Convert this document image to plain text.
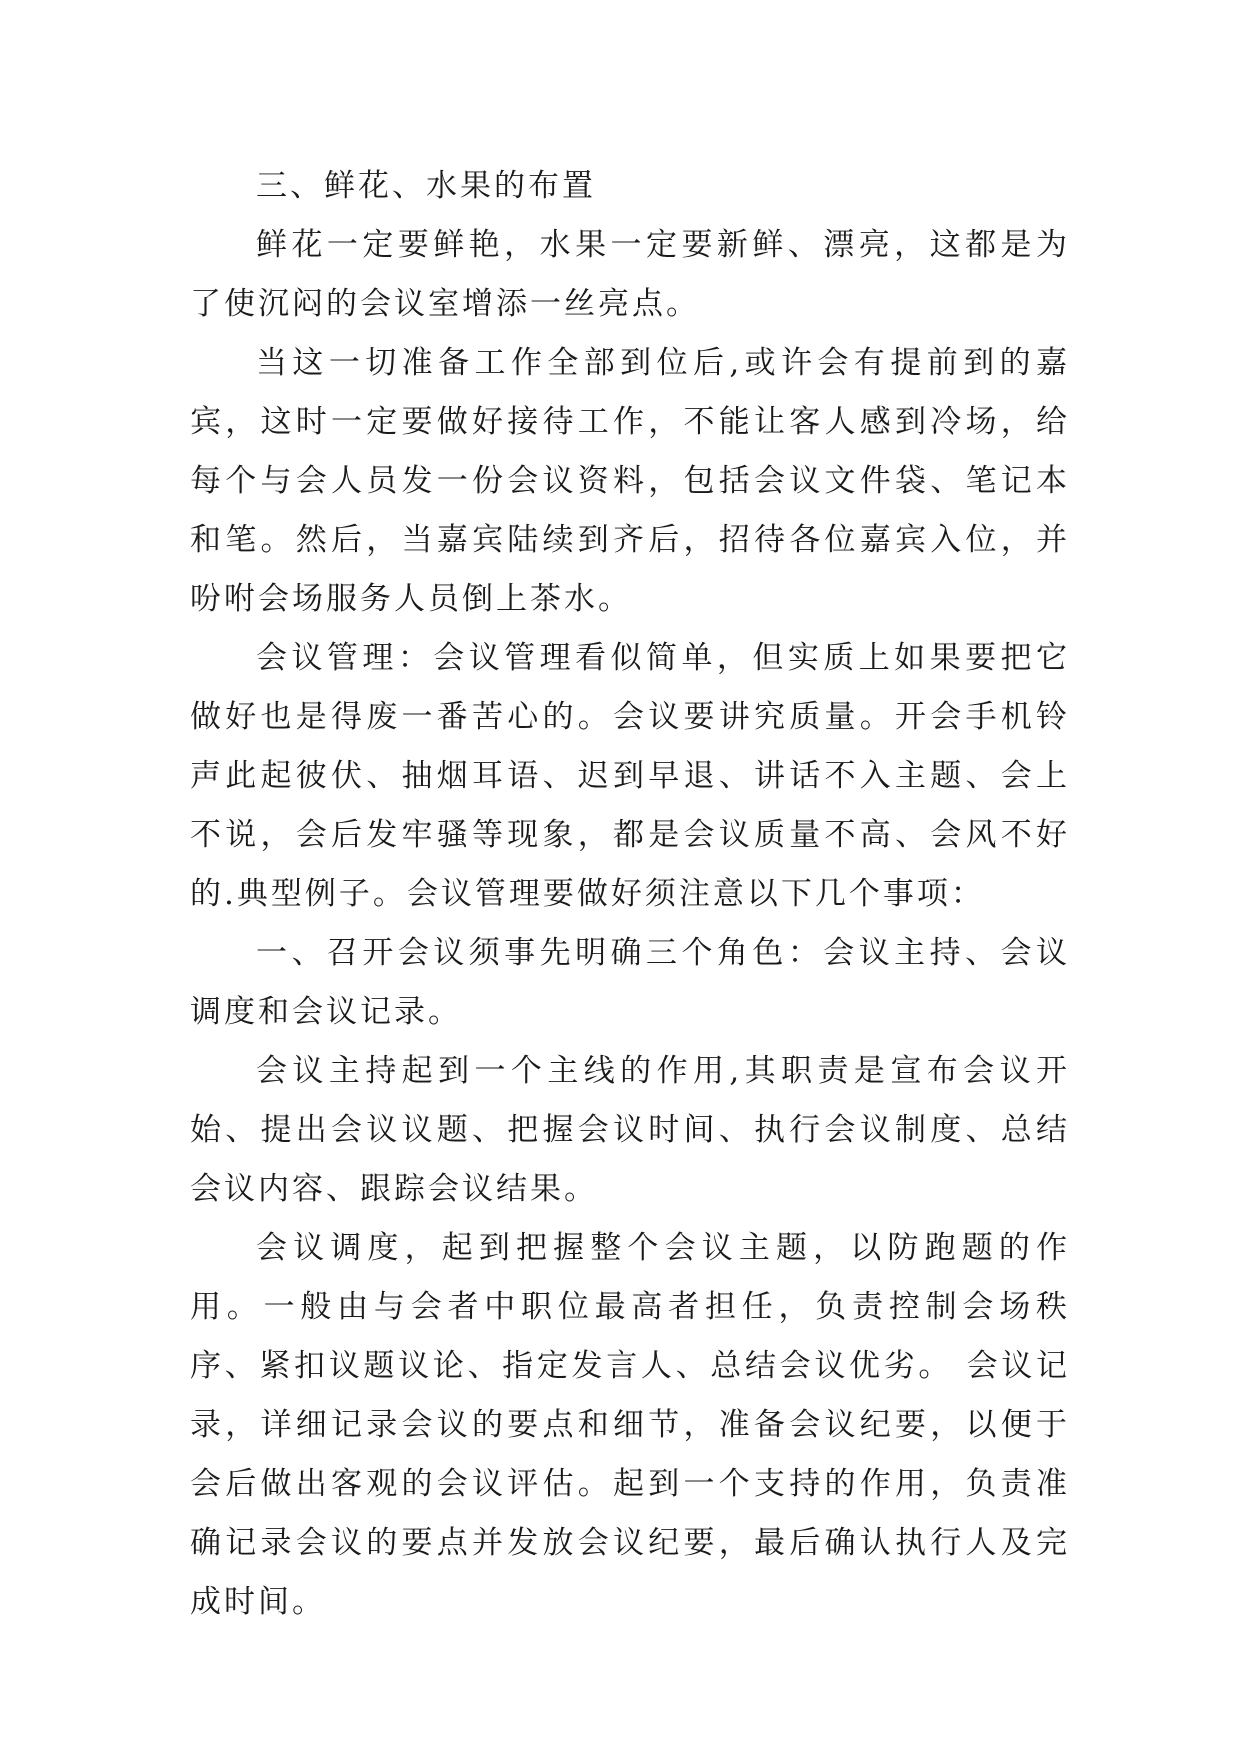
三、鲜花、水果的布置

鲜花一定要鲜艳，水果一定要新鲜、漂亮，这都是为了使沉闷的会议室增添一丝亮点。

当这一切准备工作全部到位后,或许会有提前到的嘉宾，这时一定要做好接待工作，不能让客人感到冷场，给每个与会人员发一份会议资料，包括会议文件袋、笔记本和笔。然后，当嘉宾陆续到齐后，招待各位嘉宾入位，并吩咐会场服务人员倒上茶水。

会议管理：会议管理看似简单，但实质上如果要把它做好也是得废一番苦心的。会议要讲究质量。开会手机铃声此起彼伏、抽烟耳语、迟到早退、讲话不入主题、会上不说，会后发牢骚等现象，都是会议质量不高、会风不好的.典型例子。会议管理要做好须注意以下几个事项：

一、召开会议须事先明确三个角色：会议主持、会议调度和会议记录。

会议主持起到一个主线的作用,其职责是宣布会议开始、提出会议议题、把握会议时间、执行会议制度、总结会议内容、跟踪会议结果。

会议调度，起到把握整个会议主题，以防跑题的作用。一般由与会者中职位最高者担任，负责控制会场秩序、紧扣议题议论、指定发言人、总结会议优劣。 会议记录，详细记录会议的要点和细节，准备会议纪要，以便于会后做出客观的会议评估。起到一个支持的作用，负责准确记录会议的要点并发放会议纪要，最后确认执行人及完成时间。
